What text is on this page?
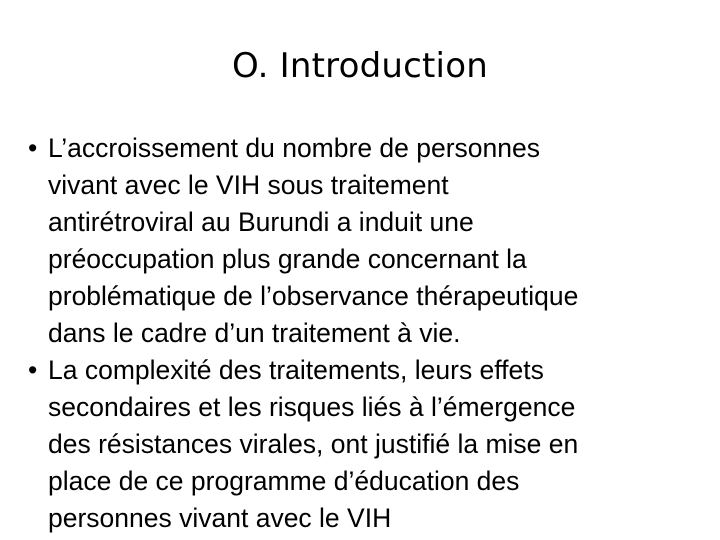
O. Introduction
• L’accroissement du nombre de personnes
vivant avec le VIH sous traitement
antirétroviral au Burundi a induit une
préoccupation plus grande concernant la
problématique de l’observance thérapeutique
dans le cadre d’un traitement à vie.
• La complexité des traitements, leurs effets
secondaires et les risques liés à l’émergence
des résistances virales, ont justifié la mise en
place de ce programme d’éducation des
personnes vivant avec le VIH
